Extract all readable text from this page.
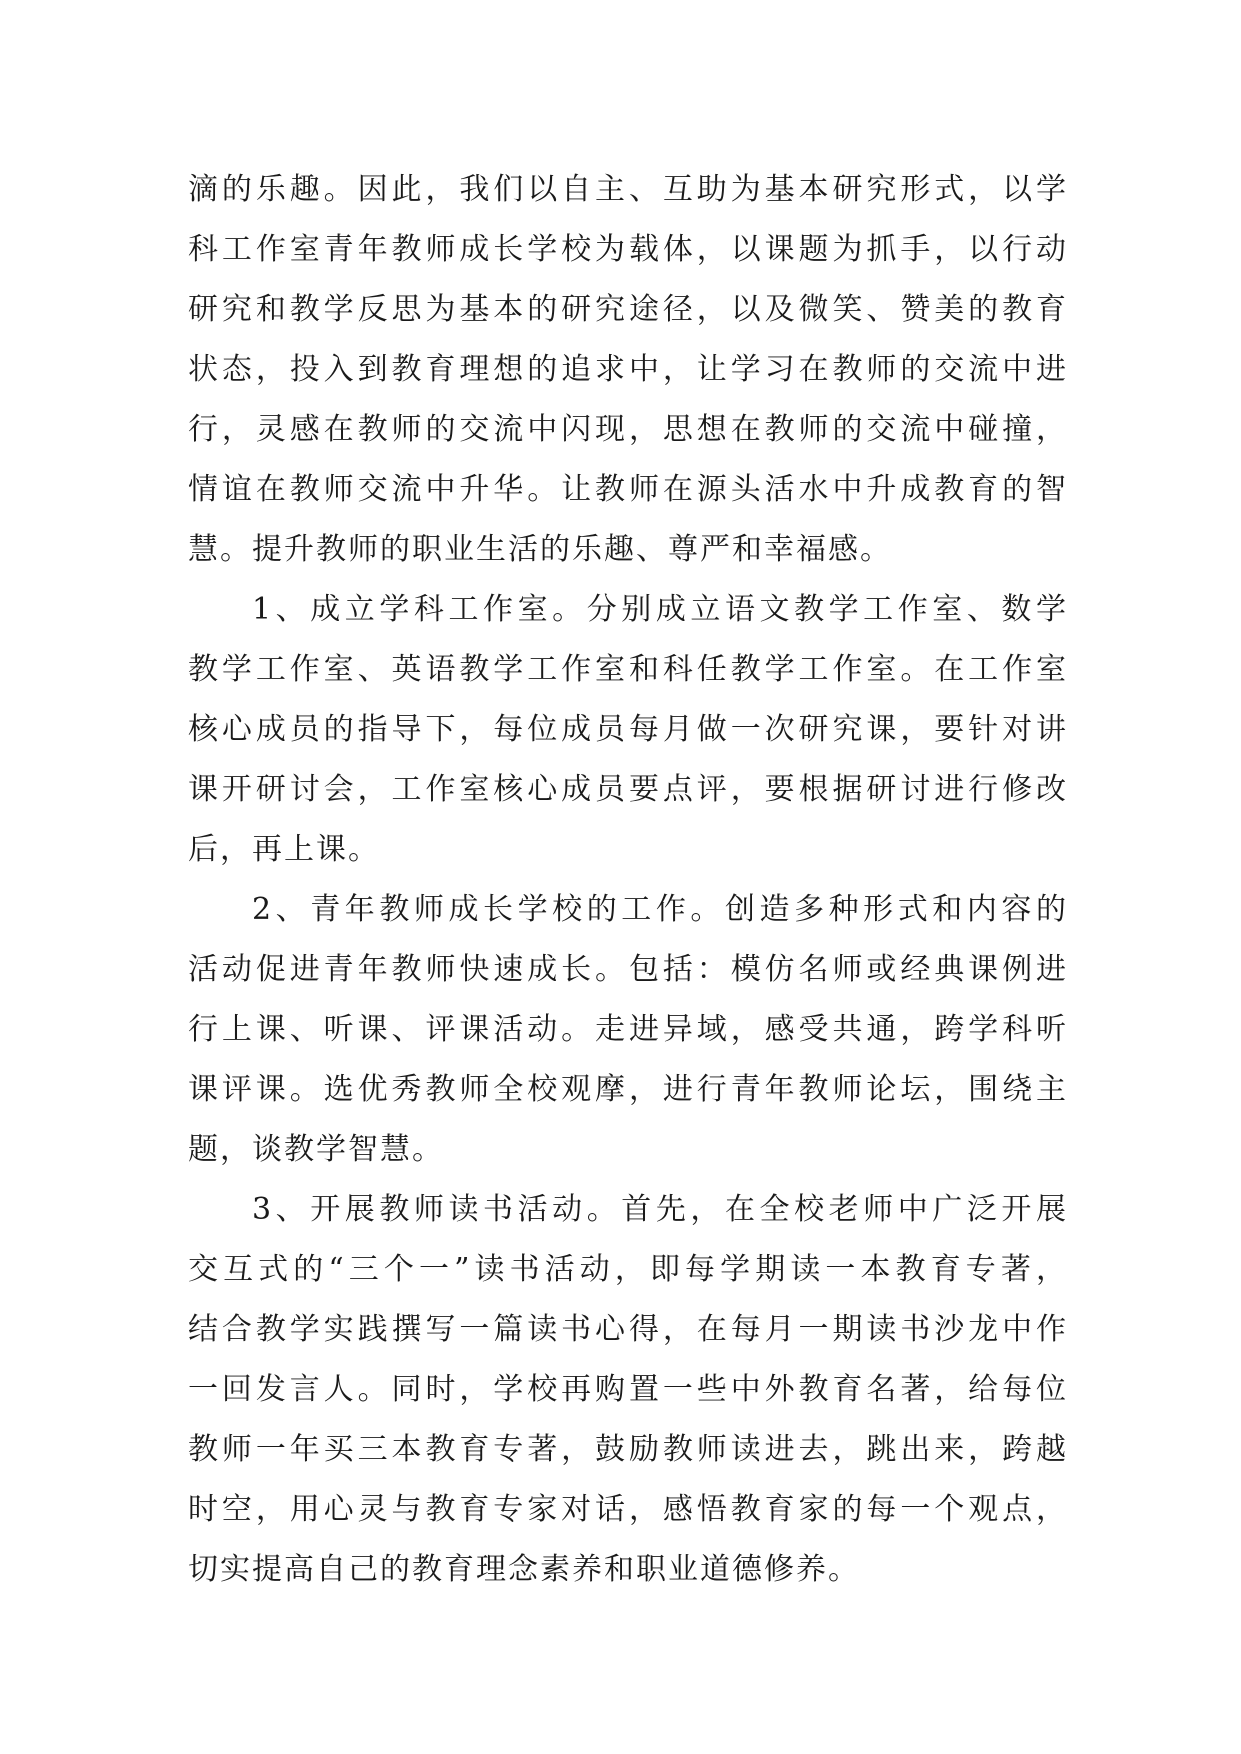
滴的乐趣。因此，我们以自主、互助为基本研究形式，以学
科工作室青年教师成长学校为载体，以课题为抓手，以行动
研究和教学反思为基本的研究途径，以及微笑、赞美的教育
状态，投入到教育理想的追求中，让学习在教师的交流中进
行，灵感在教师的交流中闪现，思想在教师的交流中碰撞，
情谊在教师交流中升华。让教师在源头活水中升成教育的智
慧。提升教师的职业生活的乐趣、尊严和幸福感。
1、成立学科工作室。分别成立语文教学工作室、数学
教学工作室、英语教学工作室和科任教学工作室。在工作室
核心成员的指导下，每位成员每月做一次研究课，要针对讲
课开研讨会，工作室核心成员要点评，要根据研讨进行修改
后，再上课。
2、青年教师成长学校的工作。创造多种形式和内容的
活动促进青年教师快速成长。包括：模仿名师或经典课例进
行上课、听课、评课活动。走进异域，感受共通，跨学科听
课评课。选优秀教师全校观摩，进行青年教师论坛，围绕主
题，谈教学智慧。
3、开展教师读书活动。首先，在全校老师中广泛开展
交互式的“三个一”读书活动，即每学期读一本教育专著，
结合教学实践撰写一篇读书心得，在每月一期读书沙龙中作
一回发言人。同时，学校再购置一些中外教育名著，给每位
教师一年买三本教育专著，鼓励教师读进去，跳出来，跨越
时空，用心灵与教育专家对话，感悟教育家的每一个观点，
切实提高自己的教育理念素养和职业道德修养。
